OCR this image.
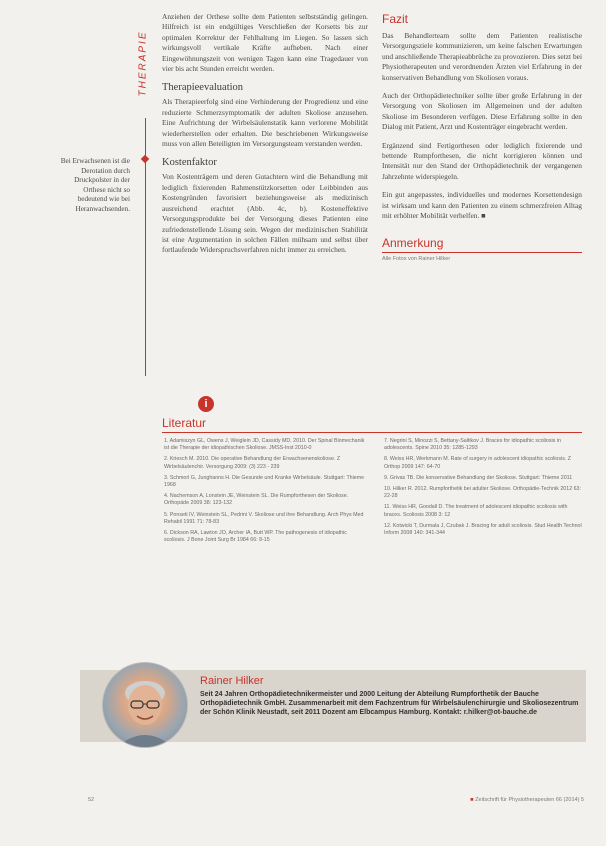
THERAPIE
Bei Erwachsenen ist die Derotation durch Druckpolster in der Orthese nicht so bedeutend wie bei Heranwachsenden.
Anziehen der Orthese sollte dem Patienten selbstständig gelingen. Hilfreich ist ein endgültiges Verschließen der Korsetts bis zur optimalen Korrektur der Fehlhaltung im Liegen. So lassen sich wirkungsvoll vertikale Kräfte aufheben. Nach einer Eingewöhnungszeit von wenigen Tagen kann eine Tragedauer von vier bis acht Stunden erreicht werden.
Therapieevaluation
Als Therapieerfolg sind eine Verhinderung der Progredienz und eine reduzierte Schmerzsymptomatik der adulten Skoliose anzusehen. Eine Aufrichtung der Wirbelsäulenstatik kann verlorene Mobilität wiederherstellen oder erhalten. Die beschriebenen Wirkungsweise muss von allen Beteiligten im Versorgungsteam verstanden werden.
Kostenfaktor
Von Kostenträgern und deren Gutachtern wird die Behandlung mit lediglich fixierenden Rahmenstützkorsetten oder Leibbinden aus Kostengründen favorisiert beziehungsweise als medizinisch ausreichend erachtet (Abb. 4c, b). Kosteneffektive Versorgungsprodukte bei der Versorgung dieses Patienten eine zufriedenstellende Lösung sein. Wegen der medizinischen Stabilität ist eine Argumentation in solchen Fällen mühsam und selbst über fortlaufende Widerspruchsverfahren nicht immer zu erreichen.
Fazit
Das Behandlerteam sollte dem Patienten realistische Versorgungsziele kommunizieren, um keine falschen Erwartungen und anschließende Therapieabbrüche zu provozieren. Dies setzt bei Physiotherapeuten und verordnenden Ärzten viel Erfahrung in der konservativen Behandlung von Skoliosen voraus.
Auch der Orthopädietechniker sollte über große Erfahrung in der Versorgung von Skoliosen im Allgemeinen und der adulten Skoliose im Besonderen verfügen. Diese Erfahrung sollte in den Dialog mit Patient, Arzt und Kostenträger eingebracht werden.
Ergänzend sind Fertigorthesen oder lediglich fixierende und bettende Rumpforthesen, die nicht korrigieren können und Intensität nur den Stand der Orthopädietechnik der vergangenen Jahrzehnte widerspiegeln.
Ein gut angepasstes, individuelles und modernes Korsettendesign ist wirksam und kann den Patienten zu einem schmerzfreien Alltag mit erhöhter Mobilität verhelfen. ■
Anmerkung
Alle Fotos von Rainer Hilker
i
Literatur
1. Adamiszyn GL, Owens J, Weiglein JD, Cassidy MD. 2010. Der Spinal Biomechanik ist die Therapie der idiopathischen Skoliose. JMSS-Inst 2010-0
2. Kriesch M. 2010. Die operative Behandlung der Erwachsenenskoliose. Z Wirbelsäulenchir. Versorgung 2009: (3) 223 - 239
3. Schmorl G, Junghanns H. Die Gesunde und Kranke Wirbelsäule. Stuttgart: Thieme 1968
4. Nachemson A, Lonstein JE, Weinstein SL. Die Rumpforthesen der Skoliose. Orthopäde 2009 38: 123-132
5. Ponseti IV, Weinstein SL, Pedrini V. Skoliose und ihre Behandlung. Arch Phys Med Rehabil 1991 71: 78-83
6. Dickson RA, Lawton JO, Archer IA, Butt WP. The pathogenesis of idiopathic scoliosis. J Bone Joint Surg Br 1984 66: 8-15
7. Negrini S, Minozzi S, Bettany-Saltikov J. Braces for idiopathic scoliosis in adolescents. Spine 2010 35: 1285-1293
8. Weiss HR, Werkmann M. Rate of surgery in adolescent idiopathic scoliosis. Z Orthop 2009 147: 64-70
9. Grivas TB. Die konservative Behandlung der Skoliose. Stuttgart: Thieme 2011
10. Hilker R. 2012. Rumpforthetik bei adulter Skoliose. Orthopädie-Technik 2012 63: 22-28
11. Weiss HR, Goodall D. The treatment of adolescent idiopathic scoliosis with braces. Scoliosis 2008 3: 12
12. Kotwicki T, Durmala J, Czubak J. Bracing for adult scoliosis. Stud Health Technol Inform 2008 140: 341-344
Rainer Hilker
Seit 24 Jahren Orthopädietechnikermeister und 2000 Leitung der Abteilung Rumpforthetik der Bauche Orthopädietechnik GmbH. Zusammenarbeit mit dem Fachzentrum für Wirbelsäulenchirurgie und Skoliosezentrum der Schön Klinik Neustadt, seit 2011 Dozent am Elbcampus Hamburg. Kontakt: r.hilker@ot-bauche.de
52	■ Zeitschrift für Physiotherapeuten 66 (2014) 5
